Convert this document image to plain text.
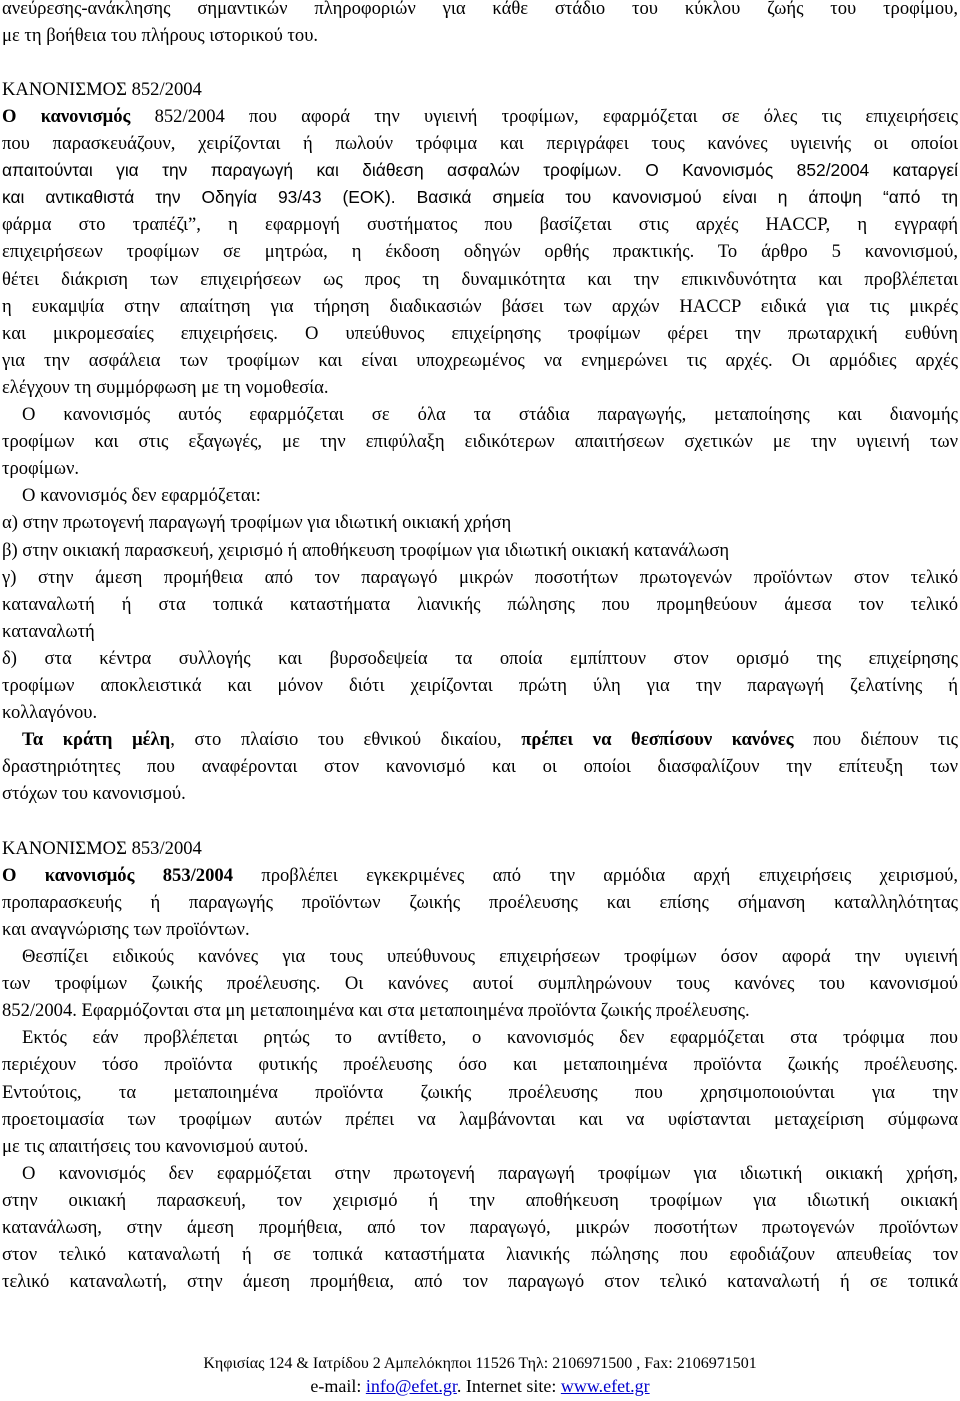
ανεύρεσης-ανάκλησης σημαντικών πληροφοριών για κάθε στάδιο του κύκλου ζωής του τροφίμου,
με τη βοήθεια του πλήρους ιστορικού του.
ΚΑΝΟΝΙΣΜΟΣ 852/2004
Ο κανονισμός 852/2004 που αφορά την υγιεινή τροφίμων, εφαρμόζεται σε όλες τις επιχειρήσεις
που παρασκευάζουν, χειρίζονται ή πωλούν τρόφιμα και περιγράφει τους κανόνες υγιεινής οι οποίοι
απαιτούνται για την παραγωγή και διάθεση ασφαλών τροφίμων. Ο Κανονισμός 852/2004 καταργεί
και αντικαθιστά την Οδηγία 93/43 (ΕΟΚ). Βασικά σημεία του κανονισμού είναι η άποψη “από τη
φάρμα στο τραπέζι”, η εφαρμογή συστήματος που βασίζεται στις αρχές HACCP, η εγγραφή
επιχειρήσεων τροφίμων σε μητρώα, η έκδοση οδηγών ορθής πρακτικής. Το άρθρο 5 κανονισμού,
θέτει διάκριση των επιχειρήσεων ως προς τη δυναμικότητα και την επικινδυνότητα και προβλέπεται
η ευκαμψία στην απαίτηση για τήρηση διαδικασιών βάσει των αρχών HACCP ειδικά για τις μικρές
και μικρομεσαίες επιχειρήσεις. Ο υπεύθυνος επιχείρησης τροφίμων φέρει την πρωταρχική ευθύνη
για την ασφάλεια των τροφίμων και είναι υποχρεωμένος να ενημερώνει τις αρχές. Οι αρμόδιες αρχές
ελέγχουν τη συμμόρφωση με τη νομοθεσία.
Ο κανονισμός αυτός εφαρμόζεται σε όλα τα στάδια παραγωγής, μεταποίησης και διανομής
τροφίμων και στις εξαγωγές, με την επιφύλαξη ειδικότερων απαιτήσεων σχετικών με την υγιεινή των
τροφίμων.
Ο κανονισμός δεν εφαρμόζεται:
α) στην πρωτογενή παραγωγή τροφίμων για ιδιωτική οικιακή χρήση
β) στην οικιακή παρασκευή, χειρισμό ή αποθήκευση τροφίμων για ιδιωτική οικιακή κατανάλωση
γ) στην άμεση προμήθεια από τον παραγωγό μικρών ποσοτήτων πρωτογενών προϊόντων στον τελικό
καταναλωτή ή στα τοπικά καταστήματα λιανικής πώλησης που προμηθεύουν άμεσα τον τελικό
καταναλωτή
δ) στα κέντρα συλλογής και βυρσοδεψεία τα οποία εμπίπτουν στον ορισμό της επιχείρησης
τροφίμων αποκλειστικά και μόνον διότι χειρίζονται πρώτη ύλη για την παραγωγή ζελατίνης ή
κολλαγόνου.
Τα κράτη μέλη, στο πλαίσιο του εθνικού δικαίου, πρέπει να θεσπίσουν κανόνες που διέπουν τις
δραστηριότητες που αναφέρονται στον κανονισμό και οι οποίοι διασφαλίζουν την επίτευξη των
στόχων του κανονισμού.
ΚΑΝΟΝΙΣΜΟΣ 853/2004
Ο κανονισμός 853/2004 προβλέπει εγκεκριμένες από την αρμόδια αρχή επιχειρήσεις χειρισμού,
προπαρασκευής ή παραγωγής προϊόντων ζωικής προέλευσης και επίσης σήμανση καταλληλότητας
και αναγνώρισης των προϊόντων.
Θεσπίζει ειδικούς κανόνες για τους υπεύθυνους επιχειρήσεων τροφίμων όσον αφορά την υγιεινή
των τροφίμων ζωικής προέλευσης. Οι κανόνες αυτοί συμπληρώνουν τους κανόνες του κανονισμού
852/2004. Εφαρμόζονται στα μη μεταποιημένα και στα μεταποιημένα προϊόντα ζωικής προέλευσης.
Εκτός εάν προβλέπεται ρητώς το αντίθετο, ο κανονισμός δεν εφαρμόζεται στα τρόφιμα που
περιέχουν τόσο προϊόντα φυτικής προέλευσης όσο και μεταποιημένα προϊόντα ζωικής προέλευσης.
Εντούτοις, τα μεταποιημένα προϊόντα ζωικής προέλευσης που χρησιμοποιούνται για την
προετοιμασία των τροφίμων αυτών πρέπει να λαμβάνονται και να υφίστανται μεταχείριση σύμφωνα
με τις απαιτήσεις του κανονισμού αυτού.
Ο κανονισμός δεν εφαρμόζεται στην πρωτογενή παραγωγή τροφίμων για ιδιωτική οικιακή χρήση,
στην οικιακή παρασκευή, τον χειρισμό ή την αποθήκευση τροφίμων για ιδιωτική οικιακή
κατανάλωση, στην άμεση προμήθεια, από τον παραγωγό, μικρών ποσοτήτων πρωτογενών προϊόντων
στον τελικό καταναλωτή ή σε τοπικά καταστήματα λιανικής πώλησης που εφοδιάζουν απευθείας τον
τελικό καταναλωτή, στην άμεση προμήθεια, από τον παραγωγό στον τελικό καταναλωτή ή σε τοπικά
Κηφισίας 124 & Ιατρίδου 2 Αμπελόκηποι 11526 Τηλ: 2106971500 , Fax: 2106971501
e-mail: info@efet.gr. Internet site: www.efet.gr
